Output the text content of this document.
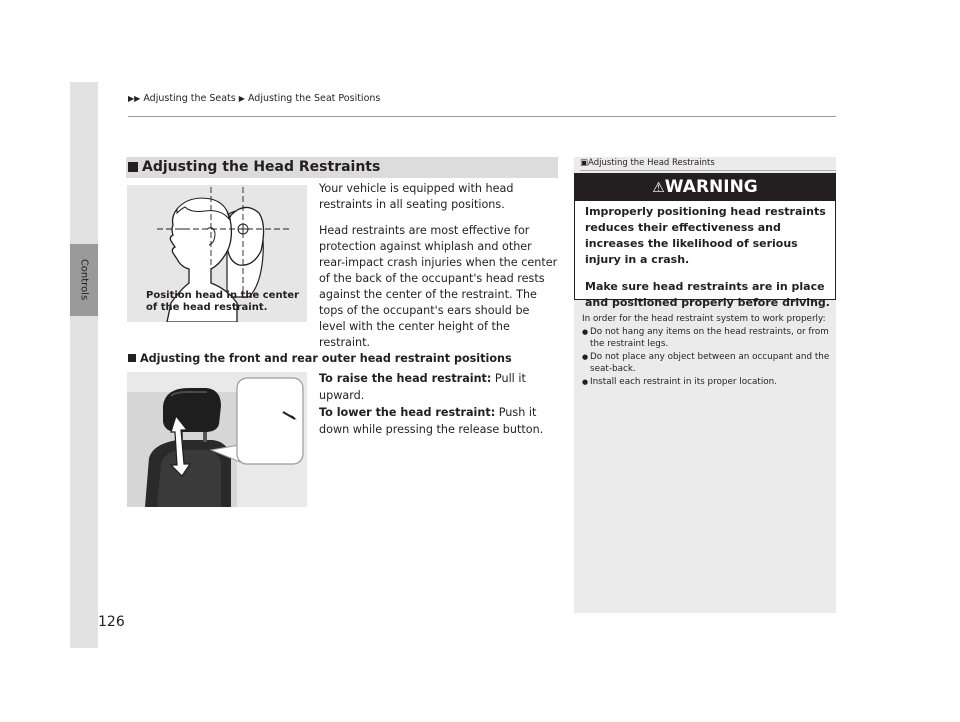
Controls
▶▶ Adjusting the Seats ▶ Adjusting the Seat Positions
Adjusting the Head Restraints
Position head in the center
of the head restraint.

Your vehicle is equipped with head restraints in all seating positions.

Head restraints are most effective for protection against whiplash and other rear-impact crash injuries when the center of the back of the occupant's head rests against the center of the restraint. The tops of the occupant's ears should be level with the center height of the restraint.

Adjusting the front and rear outer head restraint positions
To raise the head restraint: Pull it upward.
To lower the head restraint: Push it down while pressing the release button.
▣Adjusting the Head Restraints
⚠WARNING

Improperly positioning head restraints reduces their effectiveness and increases the likelihood of serious injury in a crash.

Make sure head restraints are in place and positioned properly before driving.

In order for the head restraint system to work properly:
● Do not hang any items on the head restraints, or from the restraint legs.
● Do not place any object between an occupant and the seat-back.
● Install each restraint in its proper location.
126
